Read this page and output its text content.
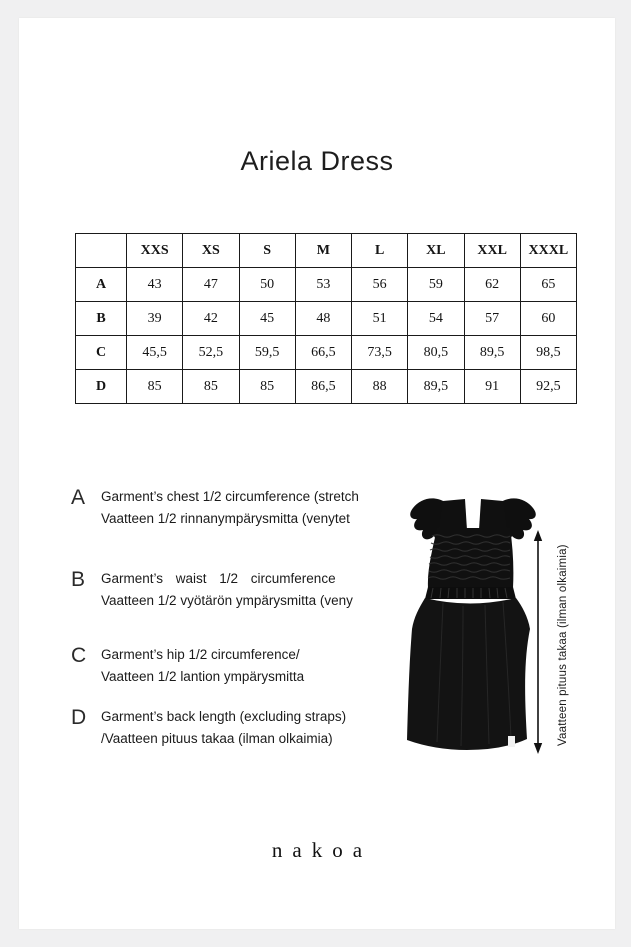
Ariela Dress
	XXS	XS	S	M	L	XL	XXL	XXXL
A	43	47	50	53	56	59	62	65
B	39	42	45	48	51	54	57	60
C	45,5	52,5	59,5	66,5	73,5	80,5	89,5	98,5
D	85	85	85	86,5	88	89,5	91	92,5
A	Garment’s chest 1/2 circumference (stretch
Vaatteen 1/2 rinnanympärysmitta (venytet
B	Garment’s waist 1/2 circumference
Vaatteen 1/2 vyötärön ympärysmitta (veny
C	Garment’s hip 1/2 circumference/
Vaatteen 1/2 lantion ympärysmitta
D	Garment’s back length (excluding straps)
/Vaatteen pituus takaa (ilman olkaimia)	Vaatteen pituus takaa (ilman olkaimia)
nakoa
